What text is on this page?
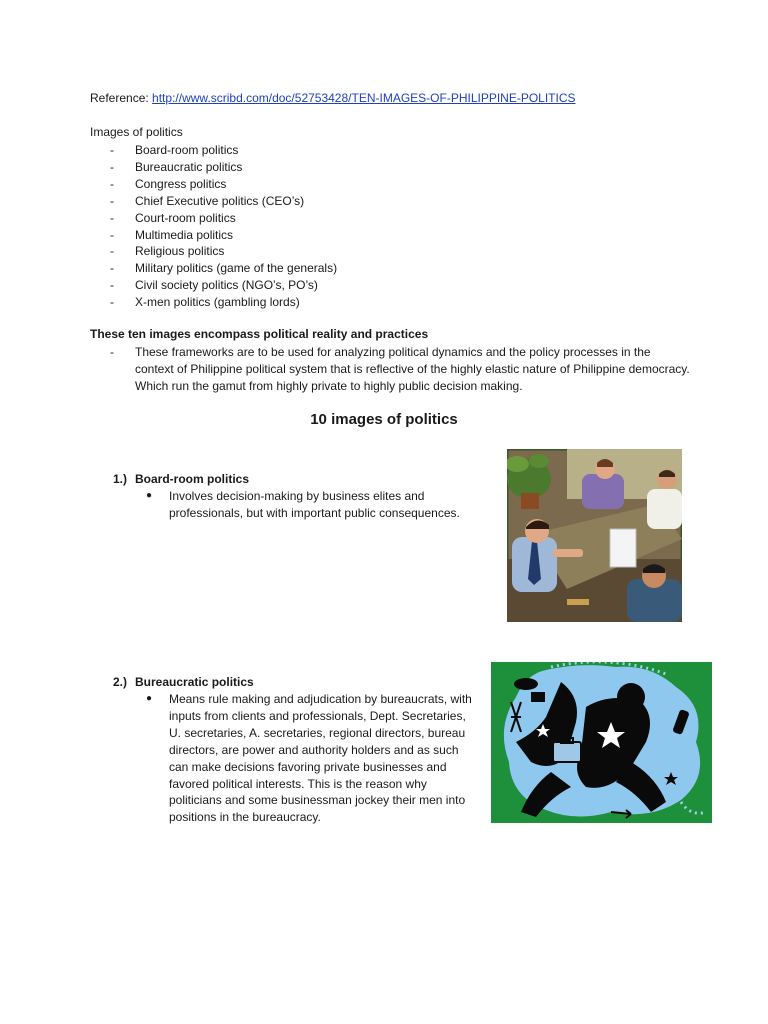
Reference: http://www.scribd.com/doc/52753428/TEN-IMAGES-OF-PHILIPPINE-POLITICS
Images of politics
- Board-room politics
- Bureaucratic politics
- Congress politics
- Chief Executive politics (CEO’s)
- Court-room politics
- Multimedia politics
- Religious politics
- Military politics (game of the generals)
- Civil society politics (NGO’s, PO’s)
- X-men politics (gambling lords)
These ten images encompass political reality and practices
- These frameworks are to be used for analyzing political dynamics and the policy processes in the context of Philippine political system that is reflective of the highly elastic nature of Philippine democracy. Which run the gamut from highly private to highly public decision making.

10 images of politics
1.) Board-room politics
● Involves decision-making by business elites and professionals, but with important public consequences.

2.) Bureaucratic politics
● Means rule making and adjudication by bureaucrats, with inputs from clients and professionals, Dept. Secretaries, U. secretaries, A. secretaries, regional directors, bureau directors, are power and authority holders and as such can make decisions favoring private businesses and favored political interests. This is the reason why politicians and some businessman jockey their men into positions in the bureaucracy.
